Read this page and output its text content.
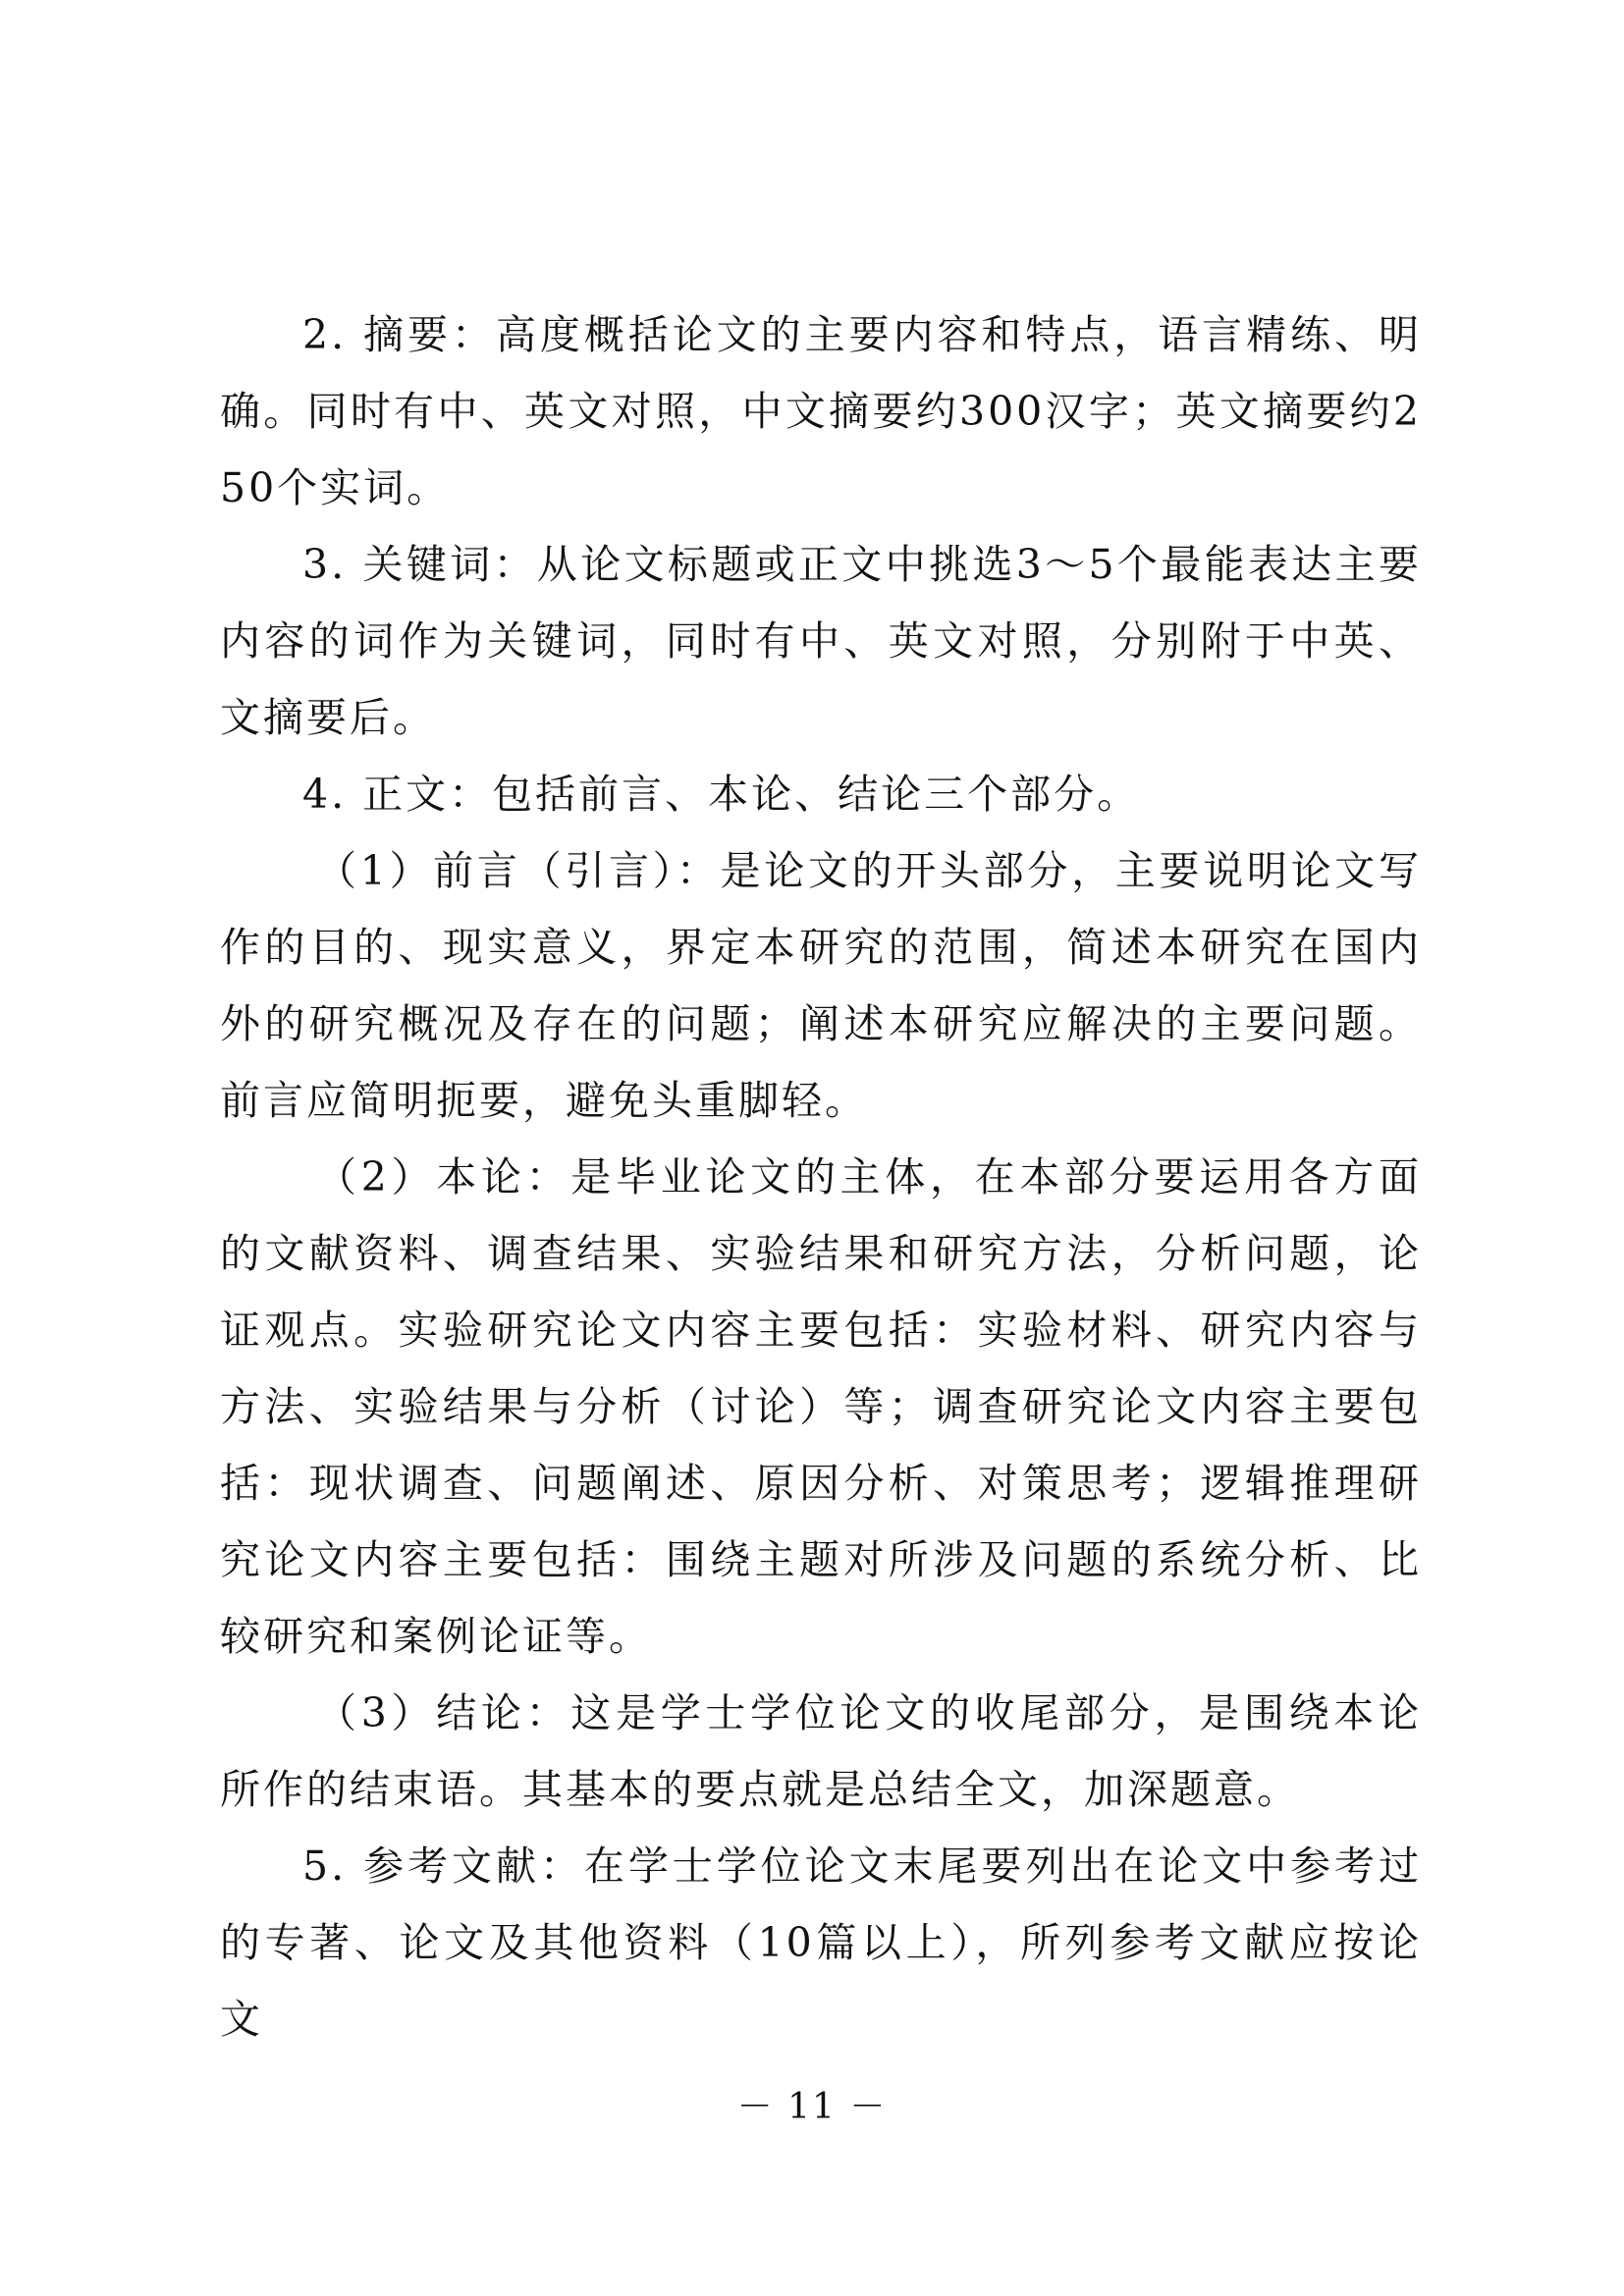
2. 摘要：高度概括论文的主要内容和特点，语言精练、明确。同时有中、英文对照，中文摘要约300汉字；英文摘要约250个实词。

3. 关键词：从论文标题或正文中挑选3～5个最能表达主要内容的词作为关键词，同时有中、英文对照，分别附于中英、文摘要后。

4. 正文：包括前言、本论、结论三个部分。

（1）前言（引言）：是论文的开头部分，主要说明论文写作的目的、现实意义，界定本研究的范围，简述本研究在国内外的研究概况及存在的问题；阐述本研究应解决的主要问题。前言应简明扼要，避免头重脚轻。

（2）本论：是毕业论文的主体，在本部分要运用各方面的文献资料、调查结果、实验结果和研究方法，分析问题，论证观点。实验研究论文内容主要包括：实验材料、研究内容与方法、实验结果与分析（讨论）等；调查研究论文内容主要包括：现状调查、问题阐述、原因分析、对策思考；逻辑推理研究论文内容主要包括：围绕主题对所涉及问题的系统分析、比较研究和案例论证等。

（3）结论：这是学士学位论文的收尾部分，是围绕本论所作的结束语。其基本的要点就是总结全文，加深题意。

5. 参考文献：在学士学位论文末尾要列出在论文中参考过的专著、论文及其他资料（10篇以上），所列参考文献应按论文

－ 11 －
